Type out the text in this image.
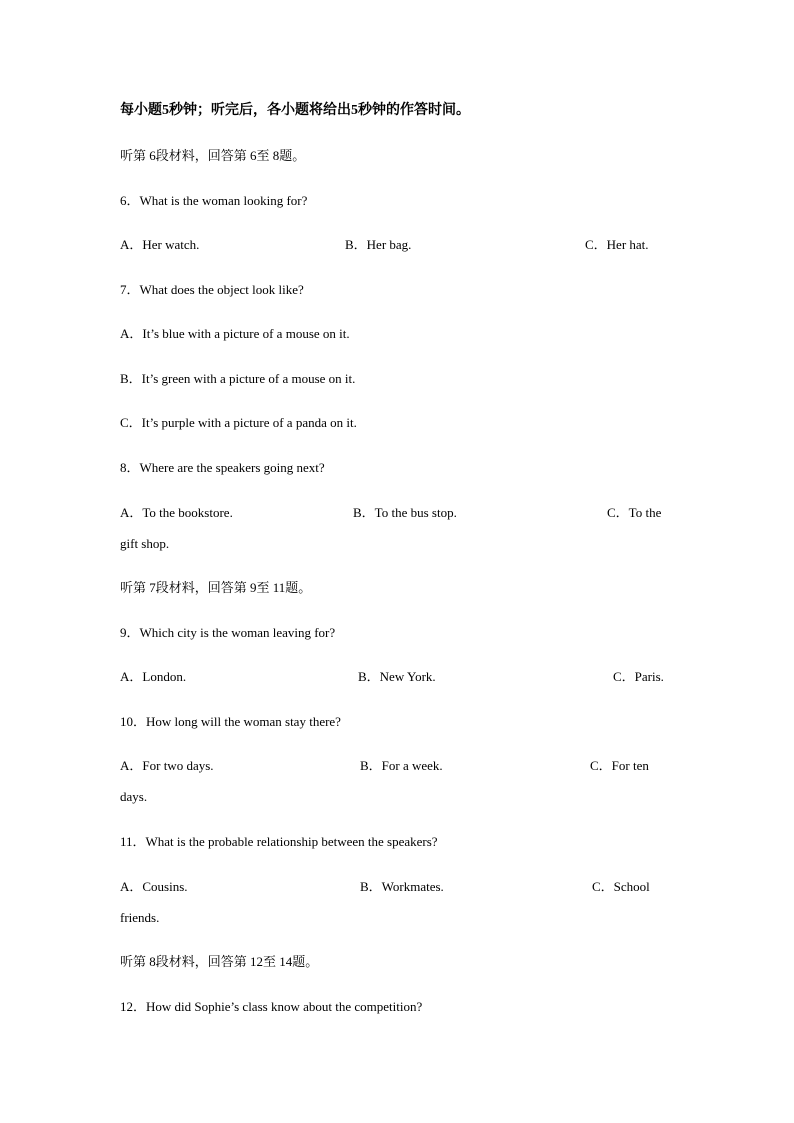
每小题5秒钟；听完后，各小题将给出5秒钟的作答时间。
听第 6段材料，回答第 6至 8题。
6．What is the woman looking for?
A．Her watch.	B．Her bag.	C．Her hat.
7．What does the object look like?
A．It’s blue with a picture of a mouse on it.
B．It’s green with a picture of a mouse on it.
C．It’s purple with a picture of a panda on it.
8．Where are the speakers going next?
A．To the bookstore.	B．To the bus stop.	C．To the
gift shop.
听第 7段材料，回答第 9至 11题。
9．Which city is the woman leaving for?
A．London.	B．New York.	C．Paris.
10．How long will the woman stay there?
A．For two days.	B．For a week.	C．For ten
days.
11．What is the probable relationship between the speakers?
A．Cousins.	B．Workmates.	C．School
friends.
听第 8段材料，回答第 12至 14题。
12．How did Sophie’s class know about the competition?
